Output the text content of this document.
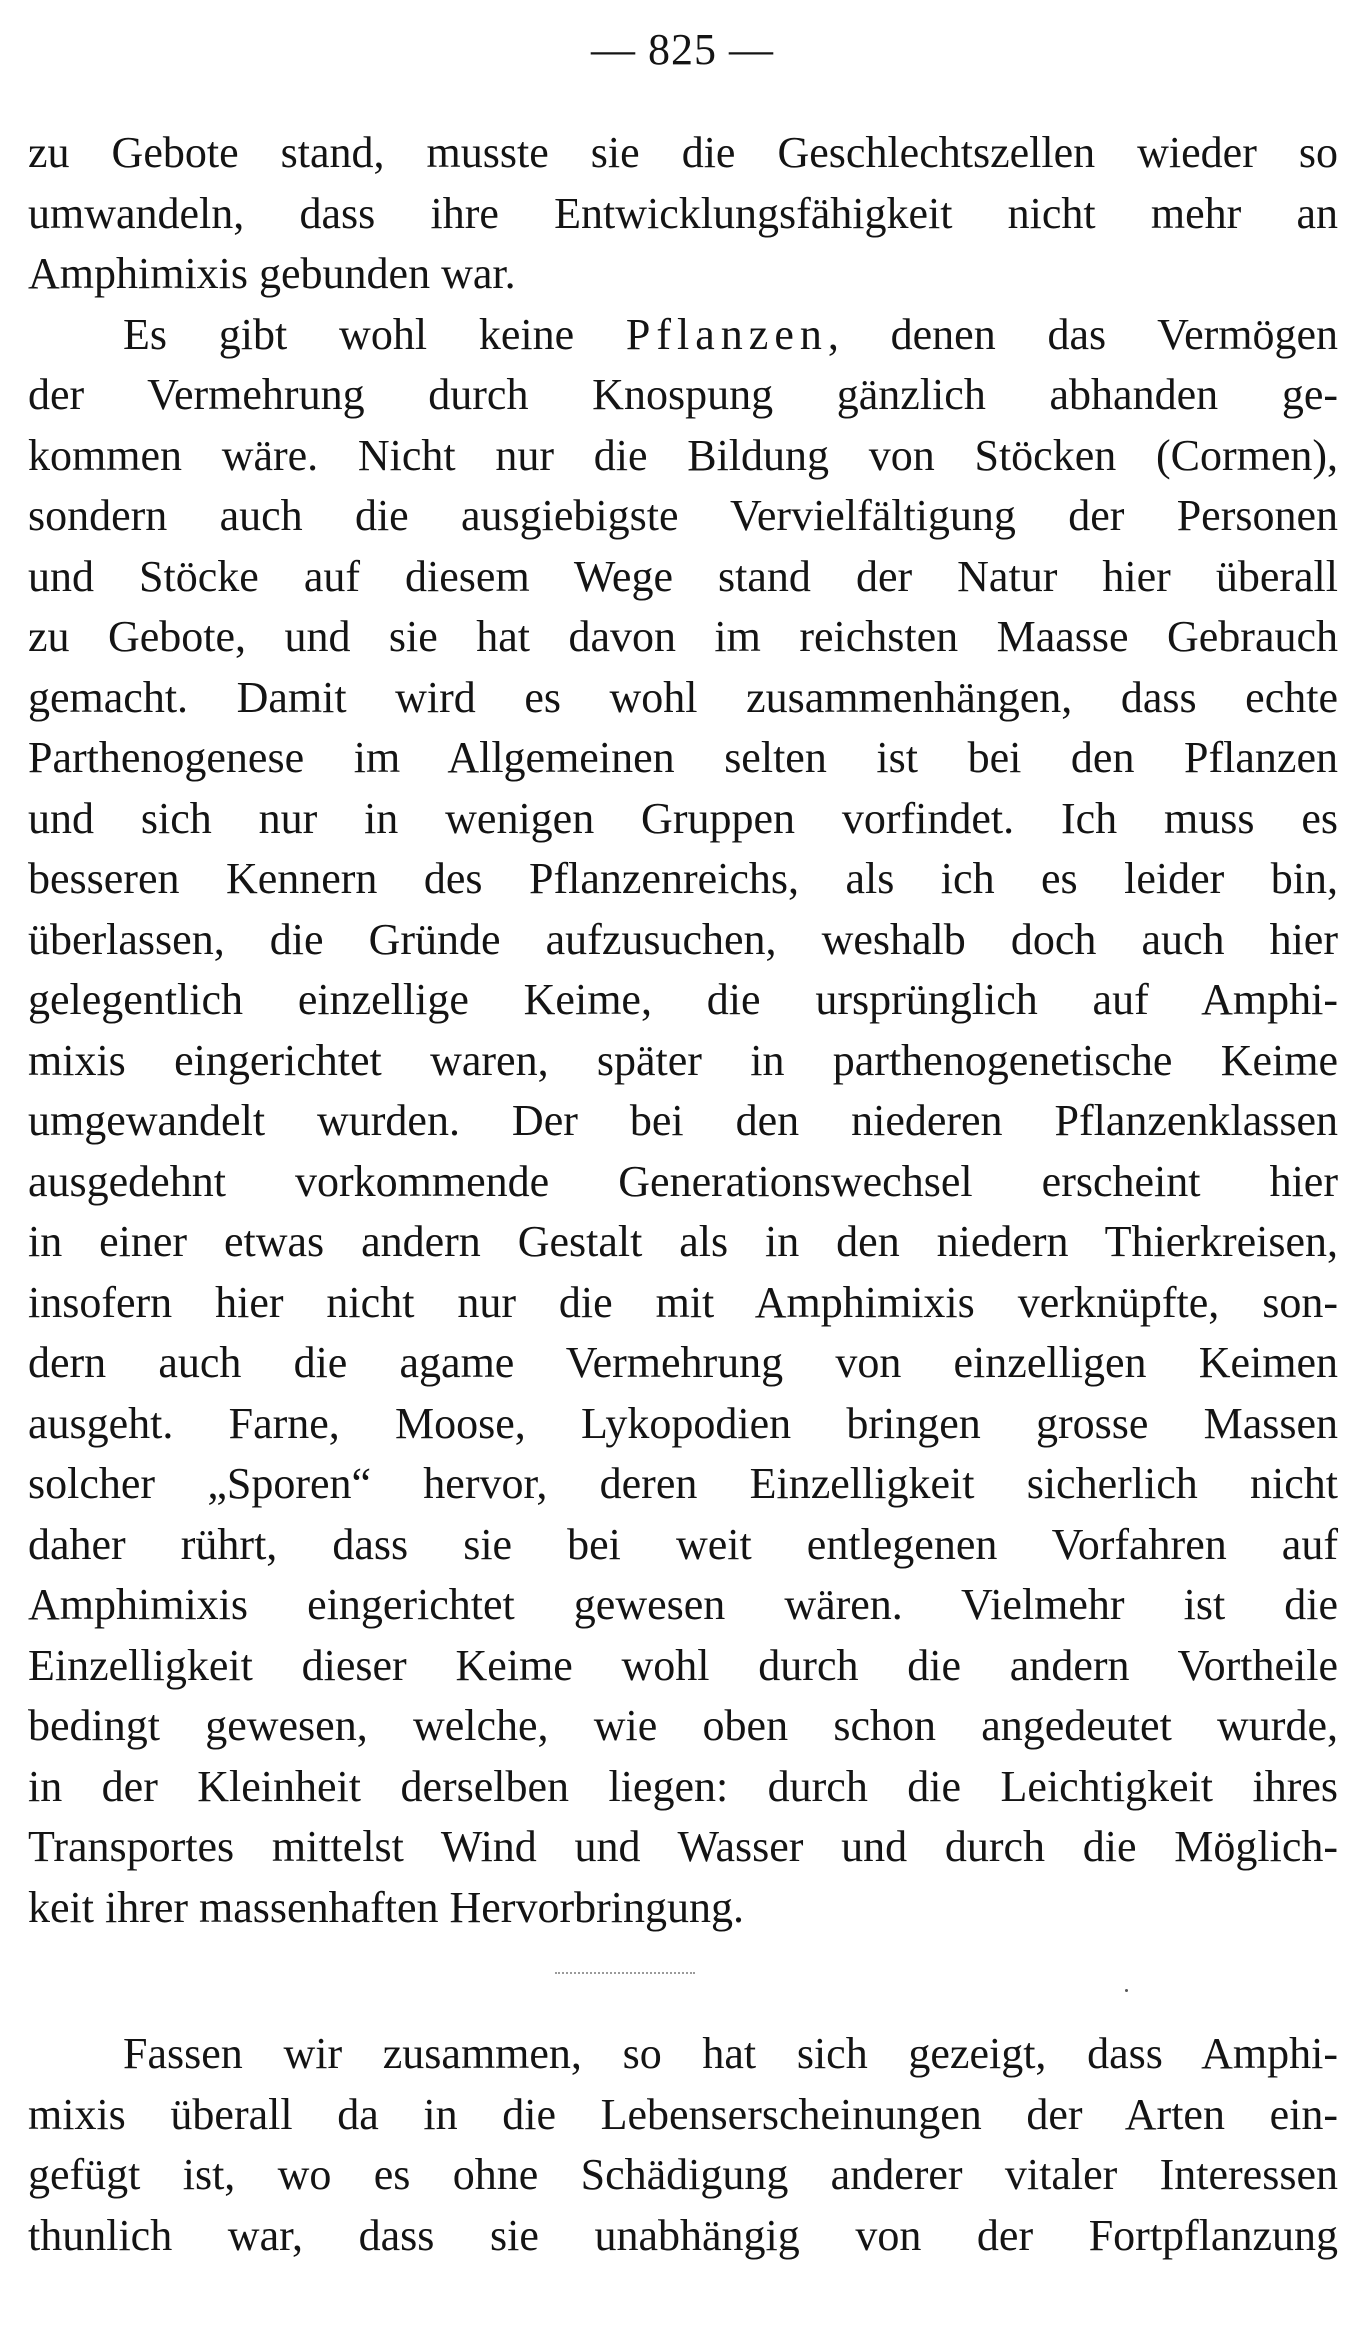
— 825 —
zu Gebote stand, musste sie die Geschlechtszellen wieder so
umwandeln, dass ihre Entwicklungsfähigkeit nicht mehr an
Amphimixis gebunden war.
Es gibt wohl keine Pflanzen, denen das Vermögen
der Vermehrung durch Knospung gänzlich abhanden ge-
kommen wäre. Nicht nur die Bildung von Stöcken (Cormen),
sondern auch die ausgiebigste Vervielfältigung der Personen
und Stöcke auf diesem Wege stand der Natur hier überall
zu Gebote, und sie hat davon im reichsten Maasse Gebrauch
gemacht. Damit wird es wohl zusammenhängen, dass echte
Parthenogenese im Allgemeinen selten ist bei den Pflanzen
und sich nur in wenigen Gruppen vorfindet. Ich muss es
besseren Kennern des Pflanzenreichs, als ich es leider bin,
überlassen, die Gründe aufzusuchen, weshalb doch auch hier
gelegentlich einzellige Keime, die ursprünglich auf Amphi-
mixis eingerichtet waren, später in parthenogenetische Keime
umgewandelt wurden. Der bei den niederen Pflanzenklassen
ausgedehnt vorkommende Generationswechsel erscheint hier
in einer etwas andern Gestalt als in den niedern Thierkreisen,
insofern hier nicht nur die mit Amphimixis verknüpfte, son-
dern auch die agame Vermehrung von einzelligen Keimen
ausgeht. Farne, Moose, Lykopodien bringen grosse Massen
solcher „Sporen“ hervor, deren Einzelligkeit sicherlich nicht
daher rührt, dass sie bei weit entlegenen Vorfahren auf
Amphimixis eingerichtet gewesen wären. Vielmehr ist die
Einzelligkeit dieser Keime wohl durch die andern Vortheile
bedingt gewesen, welche, wie oben schon angedeutet wurde,
in der Kleinheit derselben liegen: durch die Leichtigkeit ihres
Transportes mittelst Wind und Wasser und durch die Möglich-
keit ihrer massenhaften Hervorbringung.
Fassen wir zusammen, so hat sich gezeigt, dass Amphi-
mixis überall da in die Lebenserscheinungen der Arten ein-
gefügt ist, wo es ohne Schädigung anderer vitaler Interessen
thunlich war, dass sie unabhängig von der Fortpflanzung
